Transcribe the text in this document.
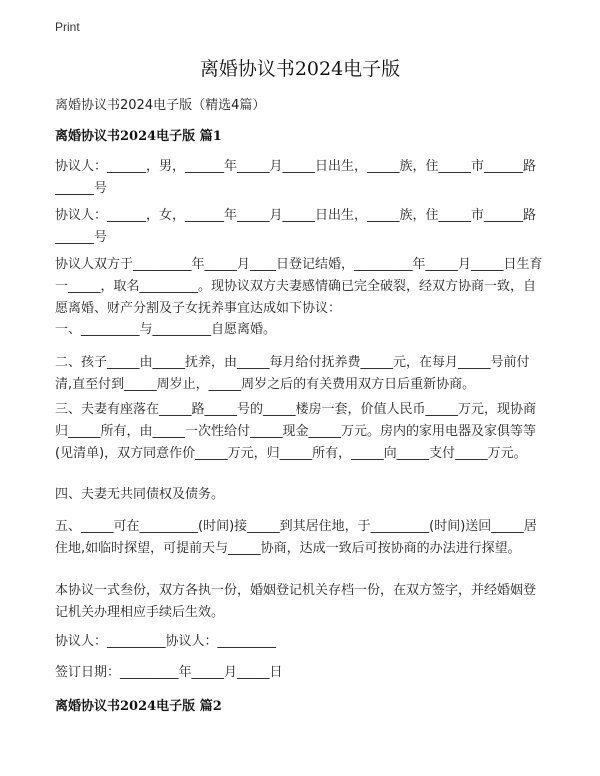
Print
离婚协议书2024电子版
离婚协议书2024电子版（精选4篇）
离婚协议书2024电子版 篇1
协议人：______，男，______年_____月_____日出生，_____族，住_____市______路______号
协议人：______，女，______年_____月_____日出生，_____族，住_____市______路______号
协议人双方于_________年_____月____日登记结婚，_________年_____月_____日生育一_____，取名_________。现协议双方夫妻感情确已完全破裂，经双方协商一致，自愿离婚、财产分割及子女抚养事宜达成如下协议：
一、_________与_________自愿离婚。
二、孩子_____由_____抚养，由_____每月给付抚养费_____元，在每月_____号前付清,直至付到_____周岁止，_____周岁之后的有关费用双方日后重新协商。
三、夫妻有座落在_____路_____号的_____楼房一套，价值人民币_____万元，现协商归_____所有，由_____一次性给付_____现金_____万元。房内的家用电器及家俱等等(见清单)，双方同意作价_____万元，归_____所有，_____向_____支付_____万元。
四、夫妻无共同债权及债务。
五、_____可在_________(时间)接_____到其居住地，于_________(时间)送回_____居住地,如临时探望，可提前天与_____协商，达成一致后可按协商的办法进行探望。
本协议一式叁份，双方各执一份，婚姻登记机关存档一份，在双方签字，并经婚姻登记机关办理相应手续后生效。
协议人：_________协议人：_________
签订日期：_________年_____月_____日
离婚协议书2024电子版 篇2
